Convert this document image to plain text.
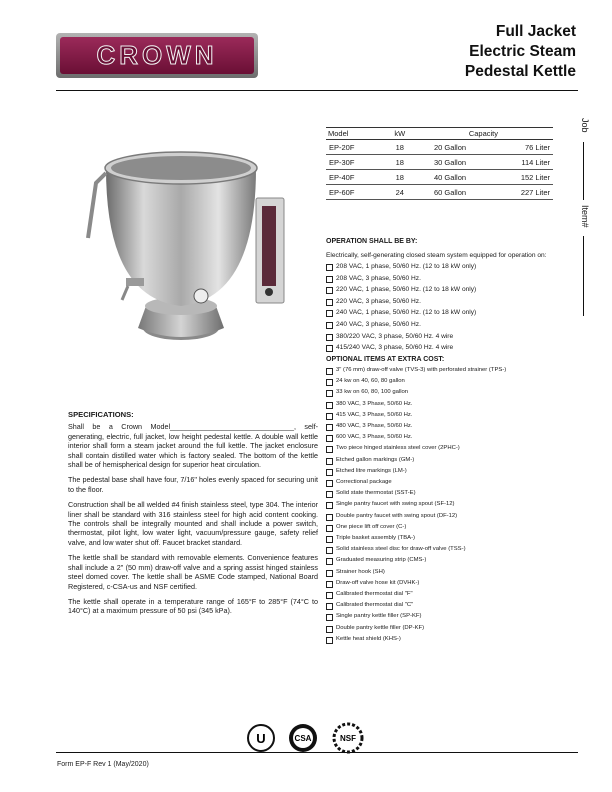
CROWN
Full Jacket
Electric Steam
Pedestal Kettle
Job
Item#
Model	kW	Capacity	
EP-20F	18	20 Gallon	76 Liter
EP-30F	18	30 Gallon	114 Liter
EP-40F	18	40 Gallon	152 Liter
EP-60F	24	60 Gallon	227 Liter
OPERATION SHALL BE BY:
Electrically, self-generating closed steam system equipped for operation on:
208 VAC, 1 phase, 50/60 Hz. (12 to 18 kW only)
208 VAC, 3 phase, 50/60 Hz.
220 VAC, 1 phase, 50/60 Hz. (12 to 18 kW only)
220 VAC, 3 phase, 50/60 Hz.
240 VAC, 1 phase, 50/60 Hz. (12 to 18 kW only)
240 VAC, 3 phase, 50/60 Hz.
380/220 VAC, 3 phase, 50/60 Hz. 4 wire
415/240 VAC, 3 phase, 50/60 Hz. 4 wire
OPTIONAL ITEMS AT EXTRA COST:
3" (76 mm) draw-off valve (TVS-3) with perforated strainer (TPS-)
24 kw on 40, 60, 80 gallon
33 kw on 60, 80, 100 gallon
380 VAC, 3 Phase, 50/60 Hz.
415 VAC, 3 Phase, 50/60 Hz.
480 VAC, 3 Phase, 50/60 Hz.
600 VAC, 3 Phase, 50/60 Hz.
Two piece hinged stainless steel cover (2PHC-)
Etched gallon markings (GM-)
Etched litre markings (LM-)
Correctional package
Solid state thermostat (SST-E)
Single pantry faucet with swing spout (SF-12)
Double pantry faucet with swing spout (DF-12)
One piece lift off cover (C-)
Triple basket assembly (TBA-)
Solid stainless steel disc for draw-off valve (TSS-)
Graduated measuring strip (CMS-)
Strainer hook (SH)
Draw-off valve hose kit (DVHK-)
Calibrated thermostat dial "F"
Calibrated thermostat dial "C"
Single pantry kettle filler (SP-KF)
Double pantry kettle filler (DP-KF)
Kettle heat shield (KHS-)
SPECIFICATIONS:

Shall be a Crown Model_______________________________, self-generating, electric, full jacket, low height pedestal kettle. A double wall kettle interior shall form a steam jacket around the full kettle. The jacket enclosure shall contain distilled water which is factory sealed. The bottom of the kettle shall be of hemispherical design for superior heat circulation.

The pedestal base shall have four, 7/16" holes evenly spaced for securing unit to the floor.

Construction shall be all welded #4 finish stainless steel, type 304. The interior liner shall be standard with 316 stainless steel for high acid content cooking. The controls shall be integrally mounted and shall include a power switch, thermostat, pilot light, low water light, vacuum/pressure gauge, safety relief valve, and low water shut off. Faucet bracket standard.

The kettle shall be standard with removable elements. Convenience features shall include a 2" (50 mm) draw-off valve and a spring assist hinged stainless steel domed cover. The kettle shall be ASME Code stamped, National Board Registered, c-CSA-us and NSF certified.

The kettle shall operate in a temperature range of 165°F to 285°F (74°C to 140°C) at a maximum pressure of 50 psi (345 kPa).

U	CSA	NSF
Form EP-F Rev 1 (May/2020)
